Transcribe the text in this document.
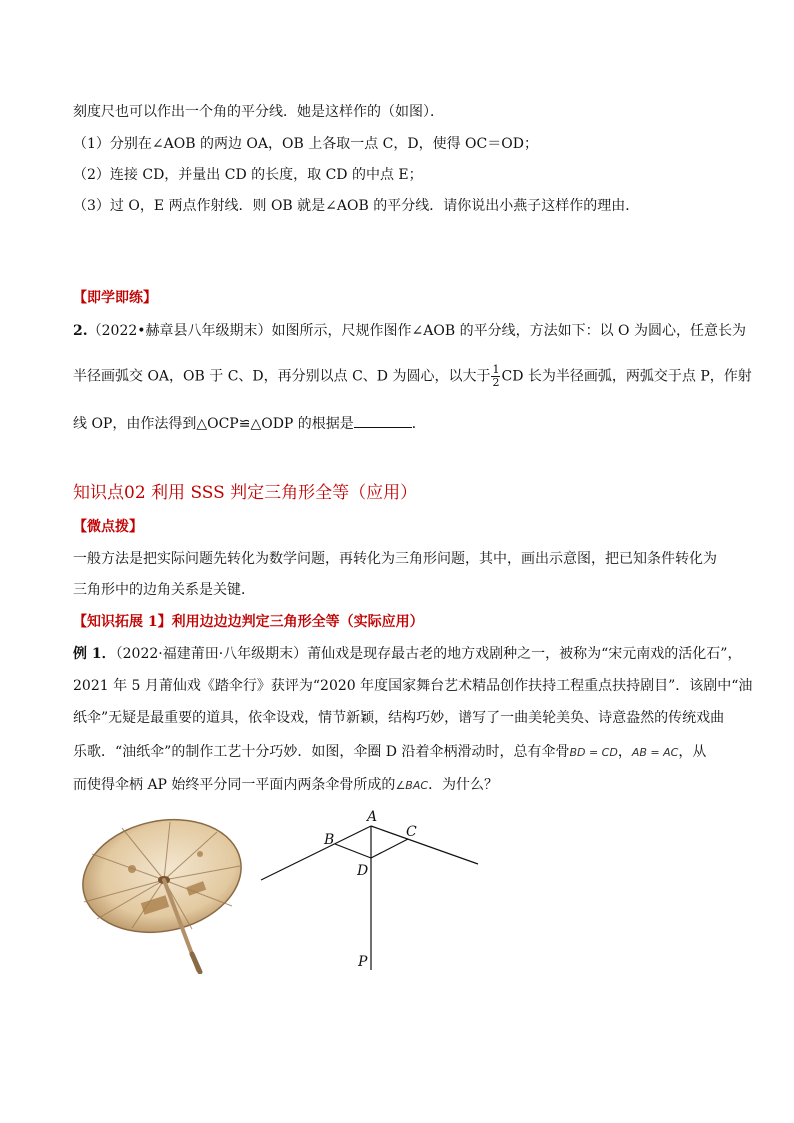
刻度尺也可以作出一个角的平分线．她是这样作的（如图）．
（1）分别在∠AOB 的两边 OA，OB 上各取一点 C，D，使得 OC＝OD；
（2）连接 CD，并量出 CD 的长度，取 CD 的中点 E；
（3）过 O，E 两点作射线．则 OB 就是∠AOB 的平分线．请你说出小燕子这样作的理由．
【即学即练】
2.（2022•赫章县八年级期末）如图所示，尺规作图作∠AOB 的平分线，方法如下：以 O 为圆心，任意长为
半径画弧交 OA，OB 于 C、D，再分别以点 C、D 为圆心，以大于 $\frac{1}{2}$ CD 长为半径画弧，两弧交于点 P，作射
线 OP，由作法得到△OCP≌△ODP 的根据是	．
知识点02 利用 SSS 判定三角形全等（应用）
【微点拨】
一般方法是把实际问题先转化为数学问题，再转化为三角形问题，其中，画出示意图，把已知条件转化为
三角形中的边角关系是关键．
【知识拓展 1】利用边边边判定三角形全等（实际应用）
例 1．（2022·福建莆田·八年级期末）莆仙戏是现存最古老的地方戏剧种之一，被称为“宋元南戏的活化石”，
2021 年 5 月莆仙戏《踏伞行》获评为“2020 年度国家舞台艺术精品创作扶持工程重点扶持剧目”．该剧中“油
纸伞”无疑是最重要的道具，依伞设戏，情节新颖，结构巧妙，谱写了一曲美轮美奂、诗意盎然的传统戏曲
乐歌．“油纸伞”的制作工艺十分巧妙．如图，伞圈 D 沿着伞柄滑动时，总有伞骨BD = CD，AB = AC，从
而使得伞柄 AP 始终平分同一平面内两条伞骨所成的∠BAC．为什么？
A
B	C
D
P
